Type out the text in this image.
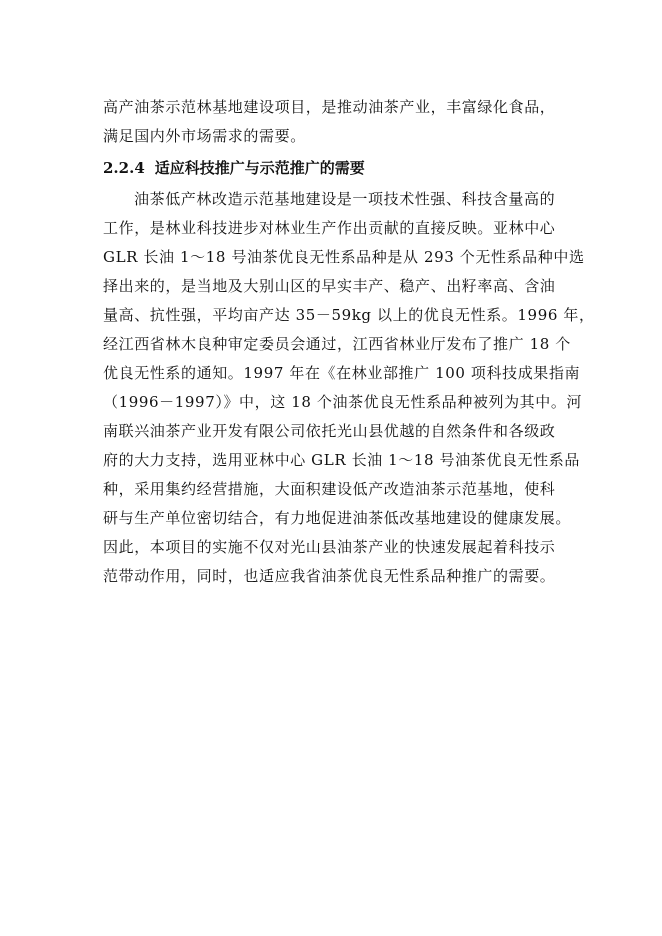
高产油茶示范林基地建设项目，是推动油茶产业，丰富绿化食品，
满足国内外市场需求的需要。
2.2.4 适应科技推广与示范推广的需要
油茶低产林改造示范基地建设是一项技术性强、科技含量高的
工作，是林业科技进步对林业生产作出贡献的直接反映。亚林中心
GLR 长油 1～18 号油茶优良无性系品种是从 293 个无性系品种中选
择出来的，是当地及大别山区的早实丰产、稳产、出籽率高、含油
量高、抗性强，平均亩产达 35－59kg 以上的优良无性系。1996 年，
经江西省林木良种审定委员会通过，江西省林业厅发布了推广 18 个
优良无性系的通知。1997 年在《在林业部推广 100 项科技成果指南
（1996－1997）》中，这 18 个油茶优良无性系品种被列为其中。河
南联兴油茶产业开发有限公司依托光山县优越的自然条件和各级政
府的大力支持，选用亚林中心 GLR 长油 1～18 号油茶优良无性系品
种，采用集约经营措施，大面积建设低产改造油茶示范基地，使科
研与生产单位密切结合，有力地促进油茶低改基地建设的健康发展。
因此，本项目的实施不仅对光山县油茶产业的快速发展起着科技示
范带动作用，同时，也适应我省油茶优良无性系品种推广的需要。
